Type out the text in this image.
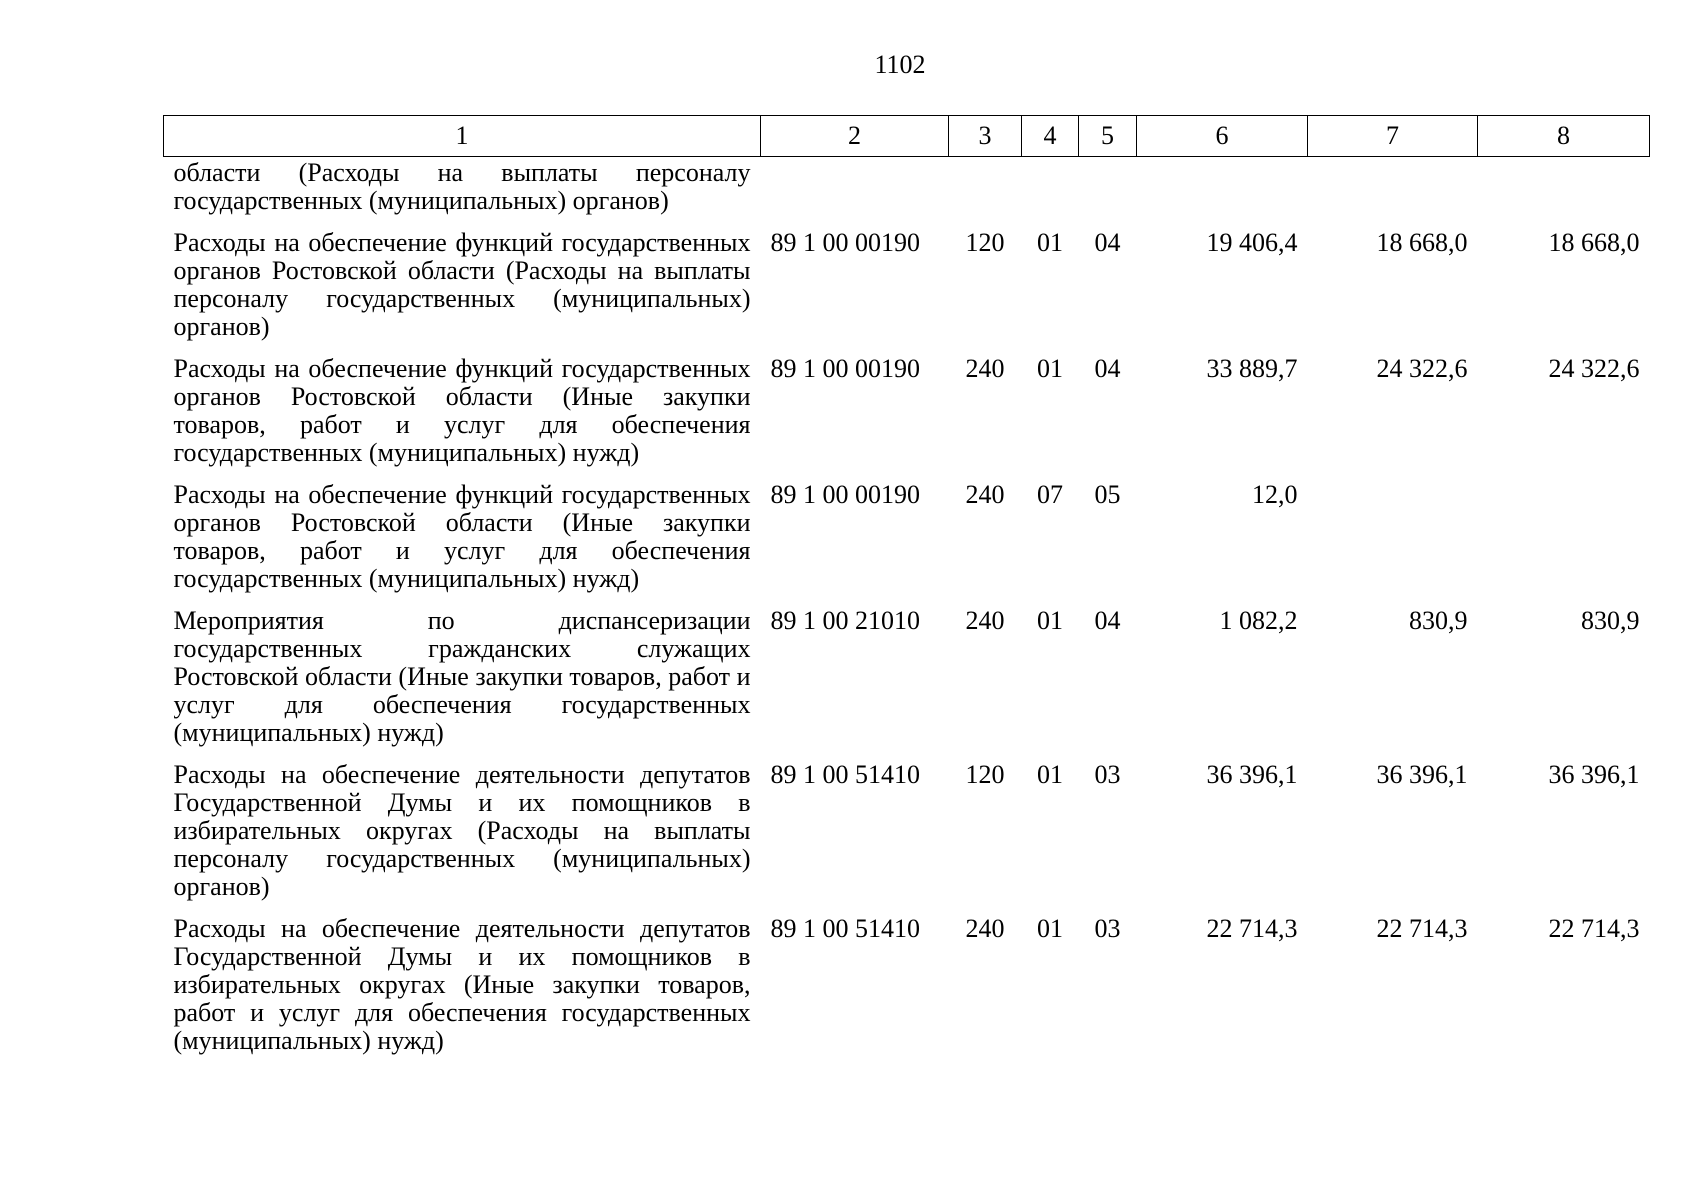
1102
1	2	3	4	5	6	7	8
области (Расходы на выплаты персоналу государственных (муниципальных) органов)							
Расходы на обеспечение функций государственных органов Ростовской области (Расходы на выплаты персоналу государственных (муниципальных) органов)	89 1 00 00190	120	01	04	19 406,4	18 668,0	18 668,0
Расходы на обеспечение функций государственных органов Ростовской области (Иные закупки товаров, работ и услуг для обеспечения государственных (муниципальных) нужд)	89 1 00 00190	240	01	04	33 889,7	24 322,6	24 322,6
Расходы на обеспечение функций государственных органов Ростовской области (Иные закупки товаров, работ и услуг для обеспечения государственных (муниципальных) нужд)	89 1 00 00190	240	07	05	12,0		
Мероприятия по диспансеризации государственных гражданских служащих Ростовской области (Иные закупки товаров, работ и услуг для обеспечения государственных (муниципальных) нужд)	89 1 00 21010	240	01	04	1 082,2	830,9	830,9
Расходы на обеспечение деятельности депутатов Государственной Думы и их помощников в избирательных округах (Расходы на выплаты персоналу государственных (муниципальных) органов)	89 1 00 51410	120	01	03	36 396,1	36 396,1	36 396,1
Расходы на обеспечение деятельности депутатов Государственной Думы и их помощников в избирательных округах (Иные закупки товаров, работ и услуг для обеспечения государственных (муниципальных) нужд)	89 1 00 51410	240	01	03	22 714,3	22 714,3	22 714,3
